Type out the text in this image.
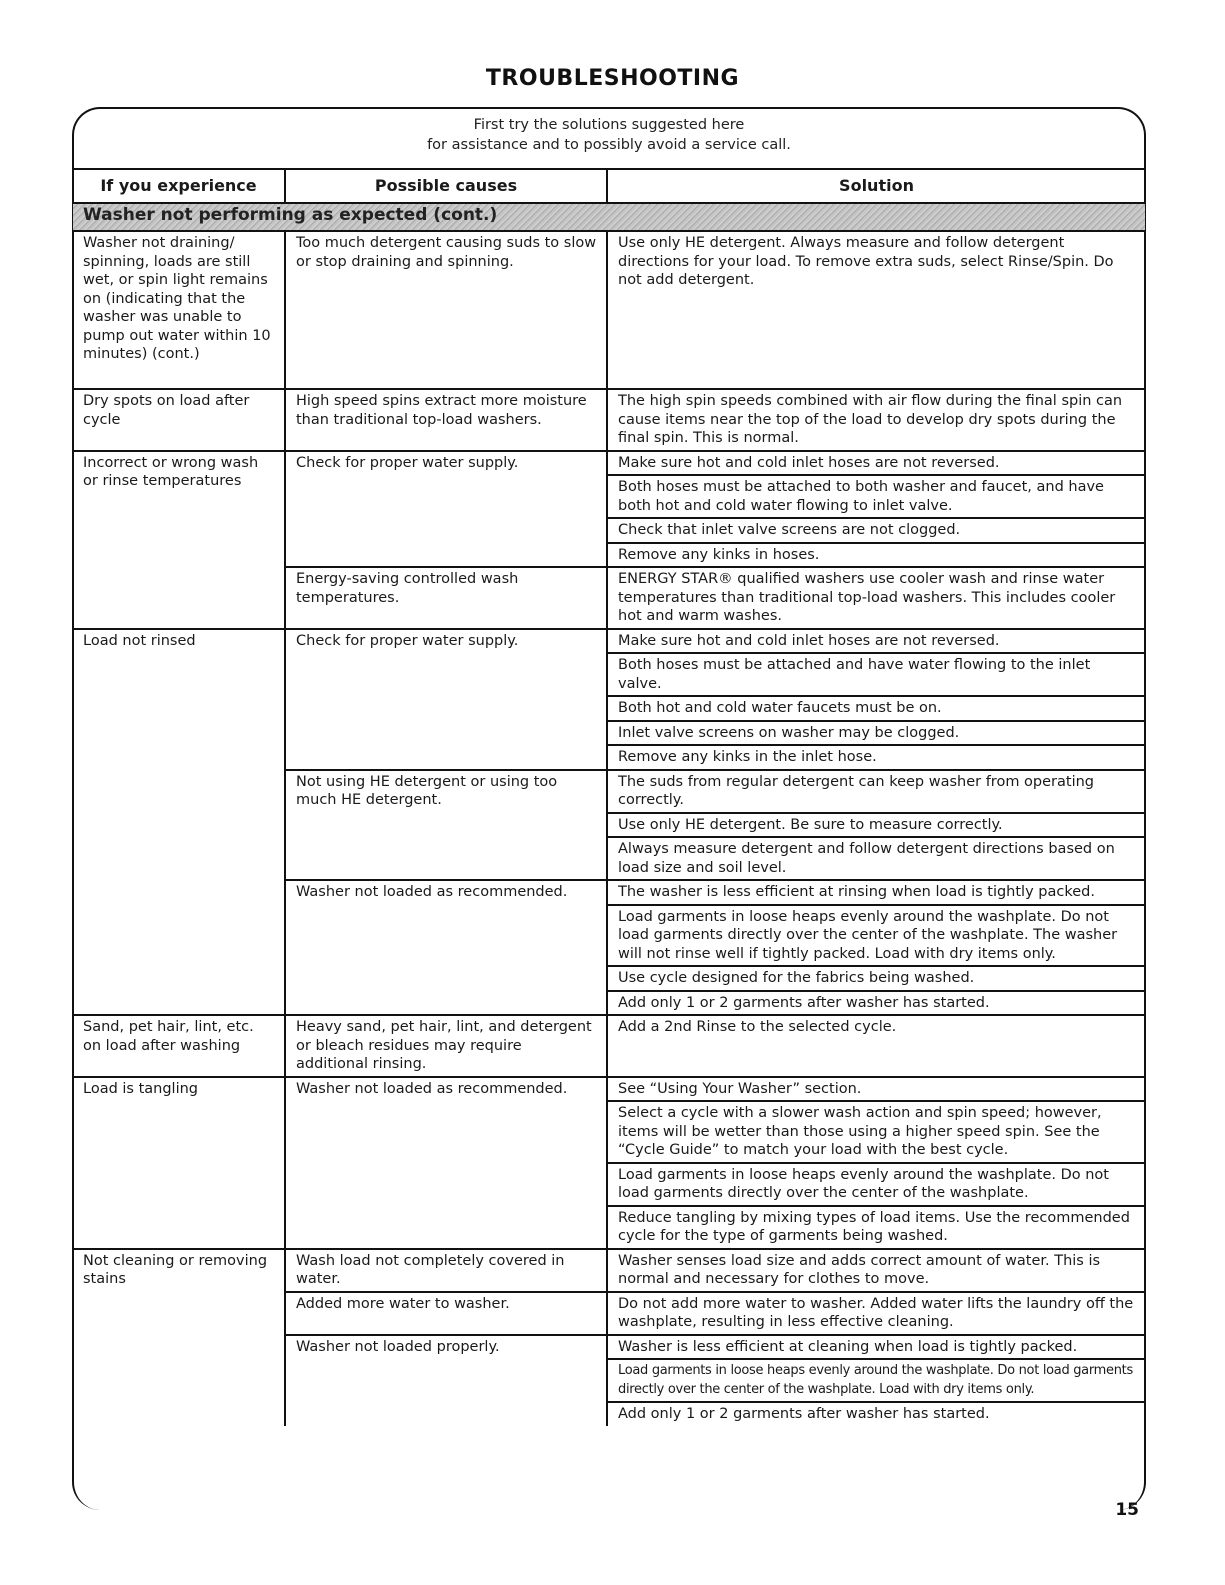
TROUBLESHOOTING
First try the solutions suggested here
for assistance and to possibly avoid a service call.
If you experience	Possible causes	Solution
Washer not performing as expected (cont.)		
Washer not draining/ spinning, loads are still wet, or spin light remains on (indicating that the washer was unable to pump out water within 10 minutes) (cont.)	Too much detergent causing suds to slow or stop draining and spinning.	Use only HE detergent. Always measure and follow detergent directions for your load. To remove extra suds, select Rinse/Spin. Do not add detergent.
Dry spots on load after cycle	High speed spins extract more moisture than traditional top-load washers.	The high spin speeds combined with air flow during the final spin can cause items near the top of the load to develop dry spots during the final spin. This is normal.
Incorrect or wrong wash or rinse temperatures	Check for proper water supply.	Make sure hot and cold inlet hoses are not reversed.
		Both hoses must be attached to both washer and faucet, and have both hot and cold water flowing to inlet valve.
		Check that inlet valve screens are not clogged.
		Remove any kinks in hoses.
	Energy-saving controlled wash temperatures.	ENERGY STAR® qualified washers use cooler wash and rinse water temperatures than traditional top-load washers. This includes cooler hot and warm washes.
Load not rinsed	Check for proper water supply.	Make sure hot and cold inlet hoses are not reversed.
		Both hoses must be attached and have water flowing to the inlet valve.
		Both hot and cold water faucets must be on.
		Inlet valve screens on washer may be clogged.
		Remove any kinks in the inlet hose.
	Not using HE detergent or using too much HE detergent.	The suds from regular detergent can keep washer from operating correctly.
		Use only HE detergent. Be sure to measure correctly.
		Always measure detergent and follow detergent directions based on load size and soil level.
	Washer not loaded as recommended.	The washer is less efficient at rinsing when load is tightly packed.
		Load garments in loose heaps evenly around the washplate. Do not load garments directly over the center of the washplate. The washer will not rinse well if tightly packed. Load with dry items only.
		Use cycle designed for the fabrics being washed.
		Add only 1 or 2 garments after washer has started.
Sand, pet hair, lint, etc. on load after washing	Heavy sand, pet hair, lint, and detergent or bleach residues may require additional rinsing.	Add a 2nd Rinse to the selected cycle.
Load is tangling	Washer not loaded as recommended.	See “Using Your Washer” section.
		Select a cycle with a slower wash action and spin speed; however, items will be wetter than those using a higher speed spin. See the “Cycle Guide” to match your load with the best cycle.
		Load garments in loose heaps evenly around the washplate. Do not load garments directly over the center of the washplate.
		Reduce tangling by mixing types of load items. Use the recommended cycle for the type of garments being washed.
Not cleaning or removing stains	Wash load not completely covered in water.	Washer senses load size and adds correct amount of water. This is normal and necessary for clothes to move.
	Added more water to washer.	Do not add more water to washer. Added water lifts the laundry off the washplate, resulting in less effective cleaning.
	Washer not loaded properly.	Washer is less efficient at cleaning when load is tightly packed.
		Load garments in loose heaps evenly around the washplate. Do not load garments directly over the center of the washplate. Load with dry items only.
		Add only 1 or 2 garments after washer has started.
15
